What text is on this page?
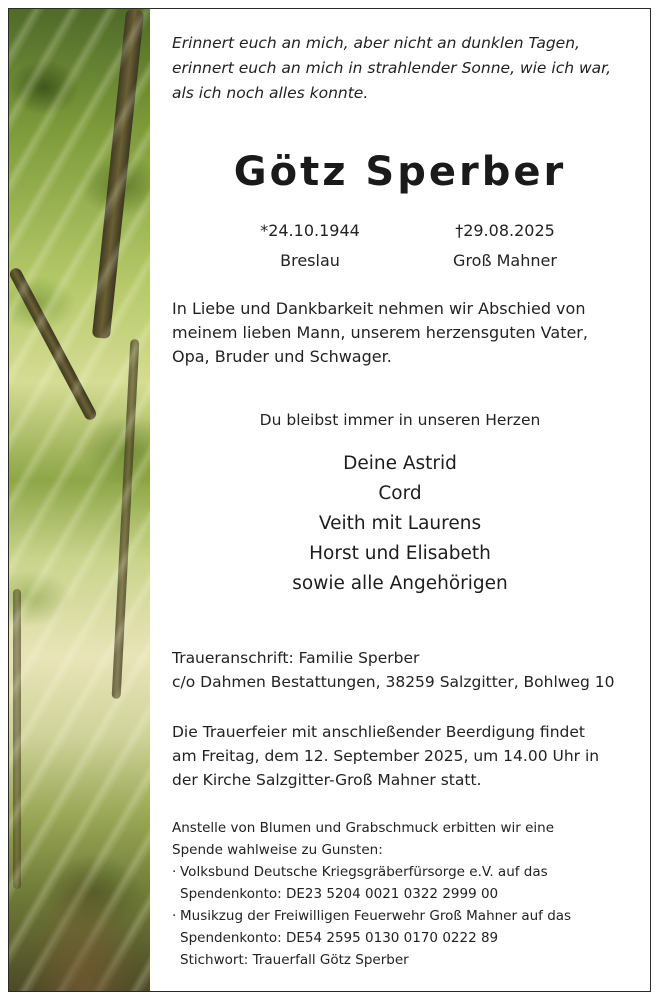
Erinnert euch an mich, aber nicht an dunklen Tagen,
erinnert euch an mich in strahlender Sonne, wie ich war,
als ich noch alles konnte.
Götz Sperber
*24.10.1944
Breslau
†29.08.2025
Groß Mahner
In Liebe und Dankbarkeit nehmen wir Abschied von
meinem lieben Mann, unserem herzensguten Vater,
Opa, Bruder und Schwager.
Du bleibst immer in unseren Herzen
Deine Astrid
Cord
Veith mit Laurens
Horst und Elisabeth
sowie alle Angehörigen
Traueranschrift: Familie Sperber
c/o Dahmen Bestattungen, 38259 Salzgitter, Bohlweg 10
Die Trauerfeier mit anschließender Beerdigung findet
am Freitag, dem 12. September 2025, um 14.00 Uhr in
der Kirche Salzgitter-Groß Mahner statt.
Anstelle von Blumen und Grabschmuck erbitten wir eine
Spende wahlweise zu Gunsten:
· Volksbund Deutsche Kriegsgräberfürsorge e.V. auf das
Spendenkonto: DE23 5204 0021 0322 2999 00
· Musikzug der Freiwilligen Feuerwehr Groß Mahner auf das
Spendenkonto: DE54 2595 0130 0170 0222 89
Stichwort: Trauerfall Götz Sperber
